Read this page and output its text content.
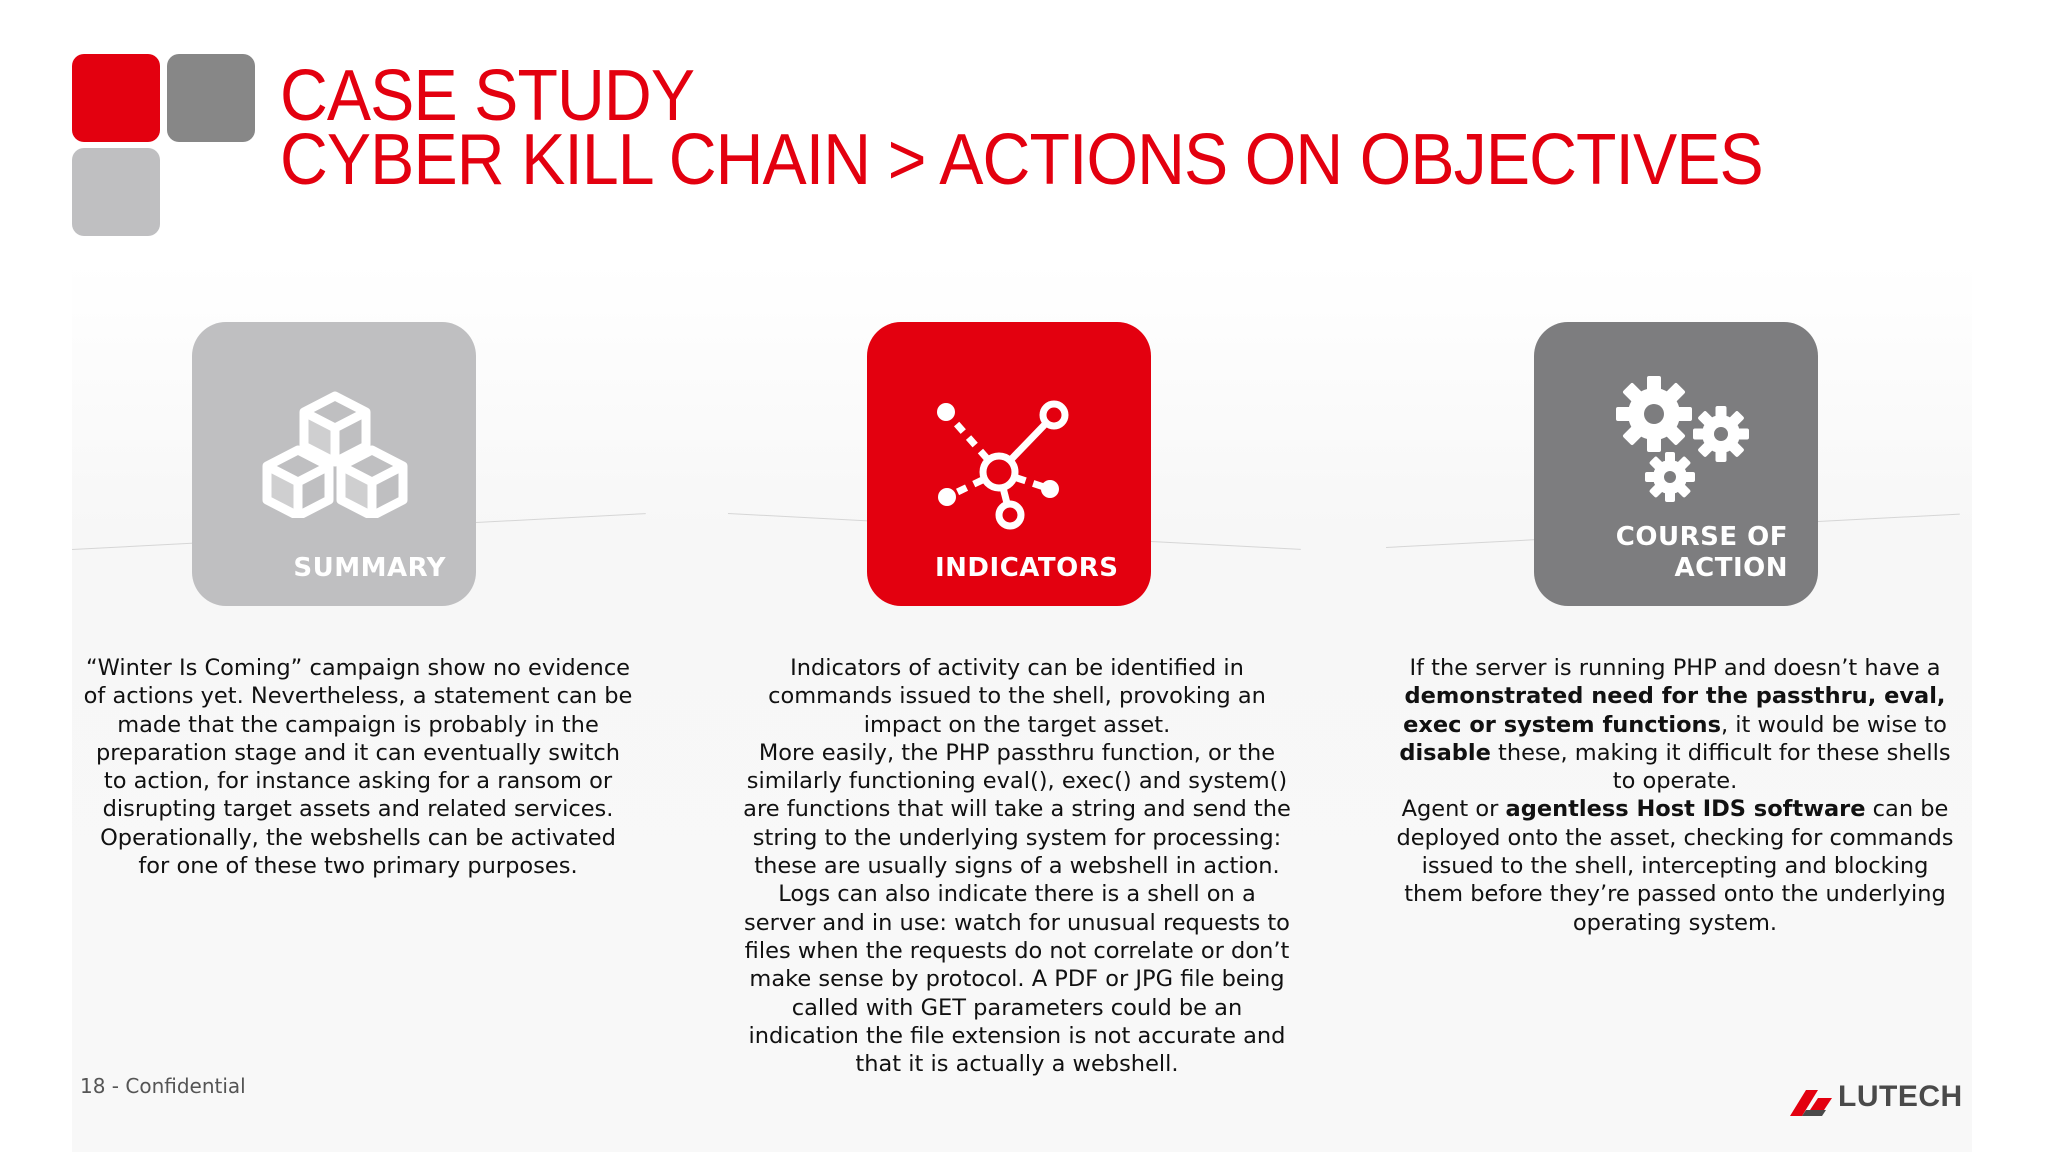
CASE STUDY
CYBER KILL CHAIN > ACTIONS ON OBJECTIVES
SUMMARY	INDICATORS
COURSE OF
ACTION

“Winter Is Coming” campaign show no evidence of actions yet. Nevertheless, a statement can be made that the campaign is probably in the preparation stage and it can eventually switch to action, for instance asking for a ransom or disrupting target assets and related services. Operationally, the webshells can be activated for one of these two primary purposes.

Indicators of activity can be identified in commands issued to the shell, provoking an impact on the target asset.

More easily, the PHP passthru function, or the similarly functioning eval(), exec() and system() are functions that will take a string and send the string to the underlying system for processing: these are usually signs of a webshell in action.

Logs can also indicate there is a shell on a server and in use: watch for unusual requests to files when the requests do not correlate or don’t make sense by protocol. A PDF or JPG file being called with GET parameters could be an indication the file extension is not accurate and that it is actually a webshell.

If the server is running PHP and doesn’t have a demonstrated need for the passthru, eval, exec or system functions, it would be wise to disable these, making it difficult for these shells to operate.

Agent or agentless Host IDS software can be deployed onto the asset, checking for commands issued to the shell, intercepting and blocking them before they’re passed onto the underlying operating system.

18 - Confidential	LUTECH
